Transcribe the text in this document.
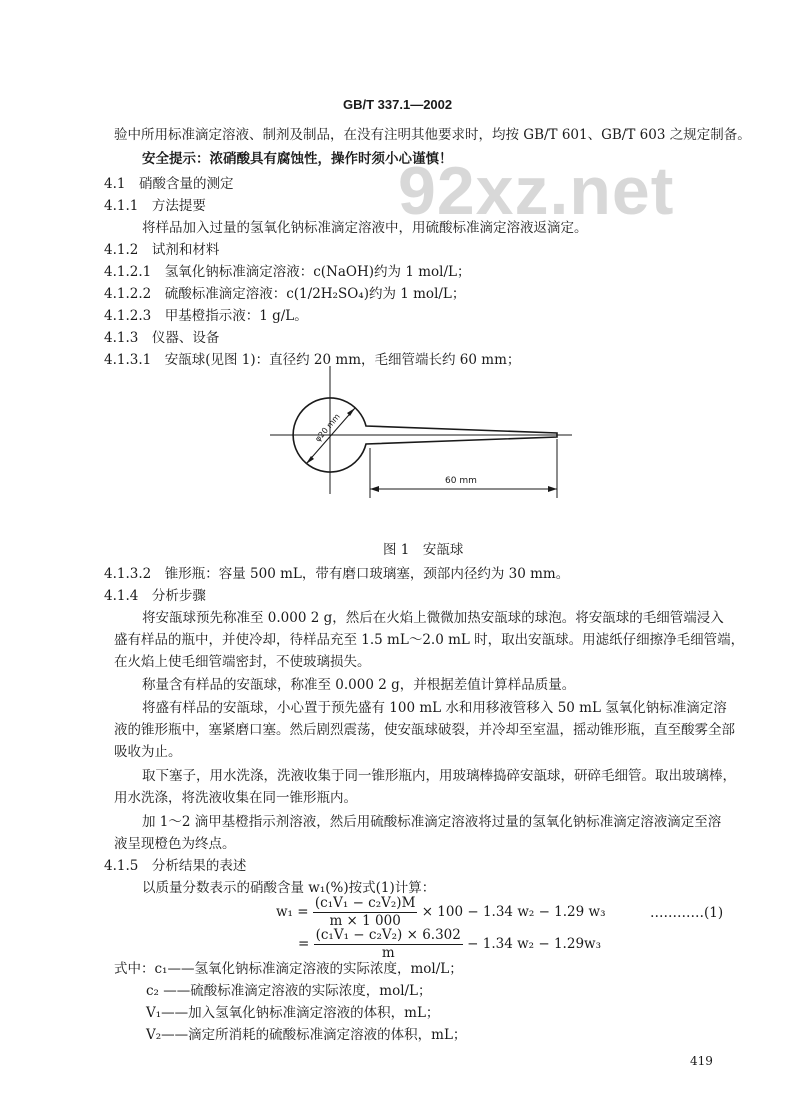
GB/T 337.1—2002
92xz.net
验中所用标准滴定溶液、制剂及制品，在没有注明其他要求时，均按 GB/T 601、GB/T 603 之规定制备。
安全提示：浓硝酸具有腐蚀性，操作时须小心谨慎！
4.1　硝酸含量的测定
4.1.1　方法提要
将样品加入过量的氢氧化钠标准滴定溶液中，用硫酸标准滴定溶液返滴定。
4.1.2　试剂和材料
4.1.2.1　氢氧化钠标准滴定溶液：c(NaOH)约为 1 mol/L；
4.1.2.2　硫酸标准滴定溶液：c(1/2H₂SO₄)约为 1 mol/L；
4.1.2.3　甲基橙指示液：1 g/L。
4.1.3　仪器、设备
4.1.3.1　安瓿球(见图 1)：直径约 20 mm，毛细管端长约 60 mm；
φ20 mm
60 mm
图 1　安瓿球
4.1.3.2　锥形瓶：容量 500 mL，带有磨口玻璃塞，颈部内径约为 30 mm。
4.1.4　分析步骤
将安瓿球预先称准至 0.000 2 g，然后在火焰上微微加热安瓿球的球泡。将安瓿球的毛细管端浸入
盛有样品的瓶中，并使冷却，待样品充至 1.5 mL～2.0 mL 时，取出安瓿球。用滤纸仔细擦净毛细管端，
在火焰上使毛细管端密封，不使玻璃损失。
称量含有样品的安瓿球，称准至 0.000 2 g，并根据差值计算样品质量。
将盛有样品的安瓿球，小心置于预先盛有 100 mL 水和用移液管移入 50 mL 氢氧化钠标准滴定溶
液的锥形瓶中，塞紧磨口塞。然后剧烈震荡，使安瓿球破裂，并冷却至室温，摇动锥形瓶，直至酸雾全部
吸收为止。
取下塞子，用水洗涤，洗液收集于同一锥形瓶内，用玻璃棒捣碎安瓿球，研碎毛细管。取出玻璃棒，
用水洗涤，将洗液收集在同一锥形瓶内。
加 1～2 滴甲基橙指示剂溶液，然后用硫酸标准滴定溶液将过量的氢氧化钠标准滴定溶液滴定至溶
液呈现橙色为终点。
4.1.5　分析结果的表述
以质量分数表示的硝酸含量 w₁(%)按式(1)计算：
$w_1 = \frac{\text{(c₁V₁ − c₂V₂)M}}{m \times 1 000} \times 100 - 1.34$ w₂ − 1.29 w₃
= $\frac{\text{(c₁V₁ − c₂V₂) × 6.302}}{m} - 1.34$ w₂ − 1.29w₃
…………(1)
式中：c₁——氢氧化钠标准滴定溶液的实际浓度，mol/L；
c₂ ——硫酸标准滴定溶液的实际浓度，mol/L；
V₁——加入氢氧化钠标准滴定溶液的体积，mL；
V₂——滴定所消耗的硫酸标准滴定溶液的体积，mL；
419
